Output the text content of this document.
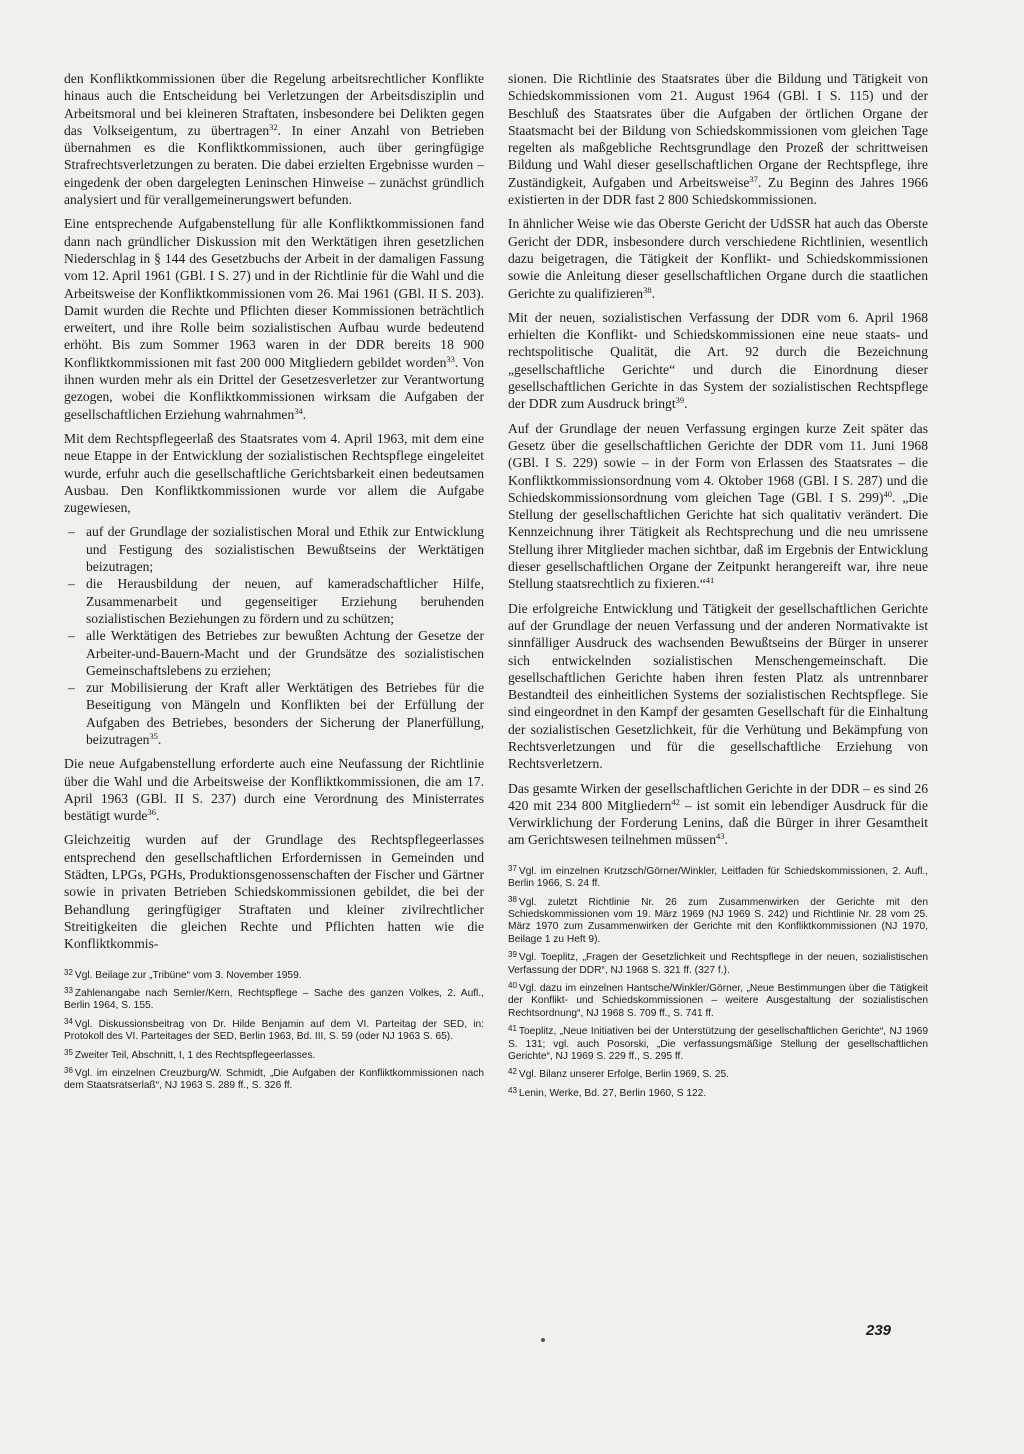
den Konfliktkommissionen über die Regelung arbeitsrechtlicher Konflikte hinaus auch die Entscheidung bei Verletzungen der Arbeitsdisziplin und Arbeitsmoral und bei kleineren Straftaten, insbesondere bei Delikten gegen das Volkseigentum, zu übertragen$^{32}$. In einer Anzahl von Betrieben übernahmen es die Konfliktkommissionen, auch über geringfügige Strafrechtsverletzungen zu beraten. Die dabei erzielten Ergebnisse wurden – eingedenk der oben dargelegten Leninschen Hinweise – zunächst gründlich analysiert und für verallgemeinerungswert befunden.

Eine entsprechende Aufgabenstellung für alle Konfliktkommissionen fand dann nach gründlicher Diskussion mit den Werktätigen ihren gesetzlichen Niederschlag in § 144 des Gesetzbuchs der Arbeit in der damaligen Fassung vom 12. April 1961 (GBl. I S. 27) und in der Richtlinie für die Wahl und die Arbeitsweise der Konfliktkommissionen vom 26. Mai 1961 (GBl. II S. 203). Damit wurden die Rechte und Pflichten dieser Kommissionen beträchtlich erweitert, und ihre Rolle beim sozialistischen Aufbau wurde bedeutend erhöht. Bis zum Sommer 1963 waren in der DDR bereits 18 900 Konfliktkommissionen mit fast 200 000 Mitgliedern gebildet worden$^{33}$. Von ihnen wurden mehr als ein Drittel der Gesetzesverletzer zur Verantwortung gezogen, wobei die Konfliktkommissionen wirksam die Aufgaben der gesellschaftlichen Erziehung wahrnahmen$^{34}$.

Mit dem Rechtspflegeerlaß des Staatsrates vom 4. April 1963, mit dem eine neue Etappe in der Entwicklung der sozialistischen Rechtspflege eingeleitet wurde, erfuhr auch die gesellschaftliche Gerichtsbarkeit einen bedeutsamen Ausbau. Den Konfliktkommissionen wurde vor allem die Aufgabe zugewiesen,

– auf der Grundlage der sozialistischen Moral und Ethik zur Entwicklung und Festigung des sozialistischen Bewußtseins der Werktätigen beizutragen;
– die Herausbildung der neuen, auf kameradschaftlicher Hilfe, Zusammenarbeit und gegenseitiger Erziehung beruhenden sozialistischen Beziehungen zu fördern und zu schützen;
– alle Werktätigen des Betriebes zur bewußten Achtung der Gesetze der Arbeiter-und-Bauern-Macht und der Grundsätze des sozialistischen Gemeinschaftslebens zu erziehen;
– zur Mobilisierung der Kraft aller Werktätigen des Betriebes für die Beseitigung von Mängeln und Konflikten bei der Erfüllung der Aufgaben des Betriebes, besonders der Sicherung der Planerfüllung, beizutragen$^{35}$.

Die neue Aufgabenstellung erforderte auch eine Neufassung der Richtlinie über die Wahl und die Arbeitsweise der Konfliktkommissionen, die am 17. April 1963 (GBl. II S. 237) durch eine Verordnung des Ministerrates bestätigt wurde$^{36}$.

Gleichzeitig wurden auf der Grundlage des Rechtspflegeerlasses entsprechend den gesellschaftlichen Erfordernissen in Gemeinden und Städten, LPGs, PGHs, Produktionsgenossenschaften der Fischer und Gärtner sowie in privaten Betrieben Schiedskommissionen gebildet, die bei der Behandlung geringfügiger Straftaten und kleiner zivilrechtlicher Streitigkeiten die gleichen Rechte und Pflichten hatten wie die Konfliktkommis-

$^{32}$ Vgl. Beilage zur „Tribüne“ vom 3. November 1959.

$^{33}$ Zahlenangabe nach Semler/Kern, Rechtspflege – Sache des ganzen Volkes, 2. Aufl., Berlin 1964, S. 155.

$^{34}$ Vgl. Diskussionsbeitrag von Dr. Hilde Benjamin auf dem VI. Parteitag der SED, in: Protokoll des VI. Parteitages der SED, Berlin 1963, Bd. III, S. 59 (oder NJ 1963 S. 65).

$^{35}$ Zweiter Teil, Abschnitt, I, 1 des Rechtspflegeerlasses.

$^{36}$ Vgl. im einzelnen Creuzburg/W. Schmidt, „Die Aufgaben der Konfliktkommissionen nach dem Staatsratserlaß“, NJ 1963 S. 289 ff., S. 326 ff.

sionen. Die Richtlinie des Staatsrates über die Bildung und Tätigkeit von Schiedskommissionen vom 21. August 1964 (GBl. I S. 115) und der Beschluß des Staatsrates über die Aufgaben der örtlichen Organe der Staatsmacht bei der Bildung von Schiedskommissionen vom gleichen Tage regelten als maßgebliche Rechtsgrundlage den Prozeß der schrittweisen Bildung und Wahl dieser gesellschaftlichen Organe der Rechtspflege, ihre Zuständigkeit, Aufgaben und Arbeitsweise$^{37}$. Zu Beginn des Jahres 1966 existierten in der DDR fast 2 800 Schiedskommissionen.

In ähnlicher Weise wie das Oberste Gericht der UdSSR hat auch das Oberste Gericht der DDR, insbesondere durch verschiedene Richtlinien, wesentlich dazu beigetragen, die Tätigkeit der Konflikt- und Schiedskommissionen sowie die Anleitung dieser gesellschaftlichen Organe durch die staatlichen Gerichte zu qualifizieren$^{38}$.

Mit der neuen, sozialistischen Verfassung der DDR vom 6. April 1968 erhielten die Konflikt- und Schiedskommissionen eine neue staats- und rechtspolitische Qualität, die Art. 92 durch die Bezeichnung „gesellschaftliche Gerichte“ und durch die Einordnung dieser gesellschaftlichen Gerichte in das System der sozialistischen Rechtspflege der DDR zum Ausdruck bringt$^{39}$.

Auf der Grundlage der neuen Verfassung ergingen kurze Zeit später das Gesetz über die gesellschaftlichen Gerichte der DDR vom 11. Juni 1968 (GBl. I S. 229) sowie – in der Form von Erlassen des Staatsrates – die Konfliktkommissionsordnung vom 4. Oktober 1968 (GBl. I S. 287) und die Schiedskommissionsordnung vom gleichen Tage (GBl. I S. 299)$^{40}$. „Die Stellung der gesellschaftlichen Gerichte hat sich qualitativ verändert. Die Kennzeichnung ihrer Tätigkeit als Rechtsprechung und die neu umrissene Stellung ihrer Mitglieder machen sichtbar, daß im Ergebnis der Entwicklung dieser gesellschaftlichen Organe der Zeitpunkt herangereift war, ihre neue Stellung staatsrechtlich zu fixieren.“$^{41}$

Die erfolgreiche Entwicklung und Tätigkeit der gesellschaftlichen Gerichte auf der Grundlage der neuen Verfassung und der anderen Normativakte ist sinnfälliger Ausdruck des wachsenden Bewußtseins der Bürger in unserer sich entwickelnden sozialistischen Menschengemeinschaft. Die gesellschaftlichen Gerichte haben ihren festen Platz als untrennbarer Bestandteil des einheitlichen Systems der sozialistischen Rechtspflege. Sie sind eingeordnet in den Kampf der gesamten Gesellschaft für die Einhaltung der sozialistischen Gesetzlichkeit, für die Verhütung und Bekämpfung von Rechtsverletzungen und für die gesellschaftliche Erziehung von Rechtsverletzern.

Das gesamte Wirken der gesellschaftlichen Gerichte in der DDR – es sind 26 420 mit 234 800 Mitgliedern$^{42}$ – ist somit ein lebendiger Ausdruck für die Verwirklichung der Forderung Lenins, daß die Bürger in ihrer Gesamtheit am Gerichtswesen teilnehmen müssen$^{43}$.

$^{37}$ Vgl. im einzelnen Krutzsch/Görner/Winkler, Leitfaden für Schiedskommissionen, 2. Aufl., Berlin 1966, S. 24 ff.

$^{38}$ Vgl. zuletzt Richtlinie Nr. 26 zum Zusammenwirken der Gerichte mit den Schiedskommissionen vom 19. März 1969 (NJ 1969 S. 242) und Richtlinie Nr. 28 vom 25. März 1970 zum Zusammenwirken der Gerichte mit den Konfliktkommissionen (NJ 1970, Beilage 1 zu Heft 9).

$^{39}$ Vgl. Toeplitz, „Fragen der Gesetzlichkeit und Rechtspflege in der neuen, sozialistischen Verfassung der DDR“, NJ 1968 S. 321 ff. (327 f.).

$^{40}$ Vgl. dazu im einzelnen Hantsche/Winkler/Görner, „Neue Bestimmungen über die Tätigkeit der Konflikt- und Schiedskommissionen – weitere Ausgestaltung der sozialistischen Rechtsordnung“, NJ 1968 S. 709 ff., S. 741 ff.

$^{41}$ Toeplitz, „Neue Initiativen bei der Unterstützung der gesellschaftlichen Gerichte“, NJ 1969 S. 131; vgl. auch Posorski, „Die verfassungsmäßige Stellung der gesellschaftlichen Gerichte“, NJ 1969 S. 229 ff., S. 295 ff.

$^{42}$ Vgl. Bilanz unserer Erfolge, Berlin 1969, S. 25.

$^{43}$ Lenin, Werke, Bd. 27, Berlin 1960, S 122.

239
